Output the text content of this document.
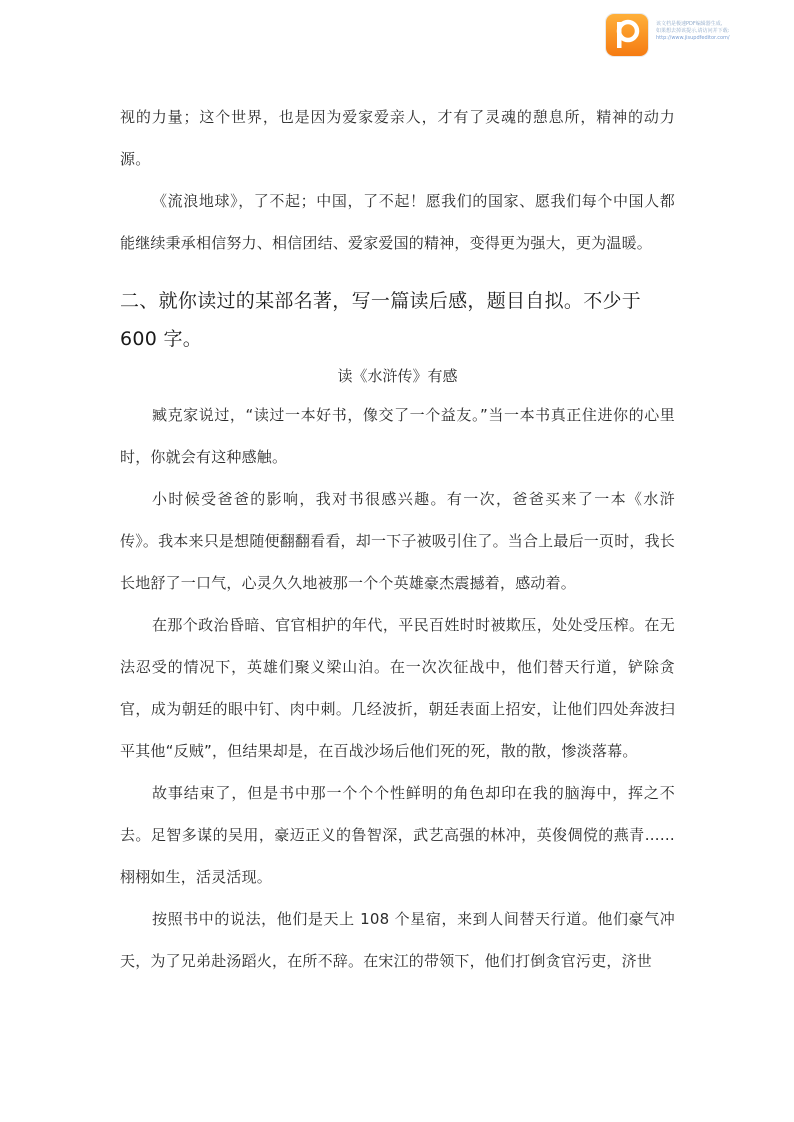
该文档是极速PDF编辑器生成,
如果想去掉该提示,请访问并下载:
http://www.jisupdfeditor.com/

视的力量；这个世界，也是因为爱家爱亲人，才有了灵魂的憩息所，精神的动力源。

《流浪地球》，了不起；中国，了不起！愿我们的国家、愿我们每个中国人都能继续秉承相信努力、相信团结、爱家爱国的精神，变得更为强大，更为温暖。

二、就你读过的某部名著，写一篇读后感，题目自拟。不少于 600 字。

读《水浒传》有感

臧克家说过，“读过一本好书，像交了一个益友。”当一本书真正住进你的心里时，你就会有这种感触。

小时候受爸爸的影响，我对书很感兴趣。有一次，爸爸买来了一本《水浒传》。我本来只是想随便翻翻看看，却一下子被吸引住了。当合上最后一页时，我长长地舒了一口气，心灵久久地被那一个个英雄豪杰震撼着，感动着。

在那个政治昏暗、官官相护的年代，平民百姓时时被欺压，处处受压榨。在无法忍受的情况下，英雄们聚义梁山泊。在一次次征战中，他们替天行道，铲除贪官，成为朝廷的眼中钉、肉中刺。几经波折，朝廷表面上招安，让他们四处奔波扫平其他“反贼”，但结果却是，在百战沙场后他们死的死，散的散，惨淡落幕。

故事结束了，但是书中那一个个个性鲜明的角色却印在我的脑海中，挥之不去。足智多谋的吴用，豪迈正义的鲁智深，武艺高强的林冲，英俊倜傥的燕青……栩栩如生，活灵活现。

按照书中的说法，他们是天上 108 个星宿，来到人间替天行道。他们豪气冲天，为了兄弟赴汤蹈火，在所不辞。在宋江的带领下，他们打倒贪官污吏，济世
